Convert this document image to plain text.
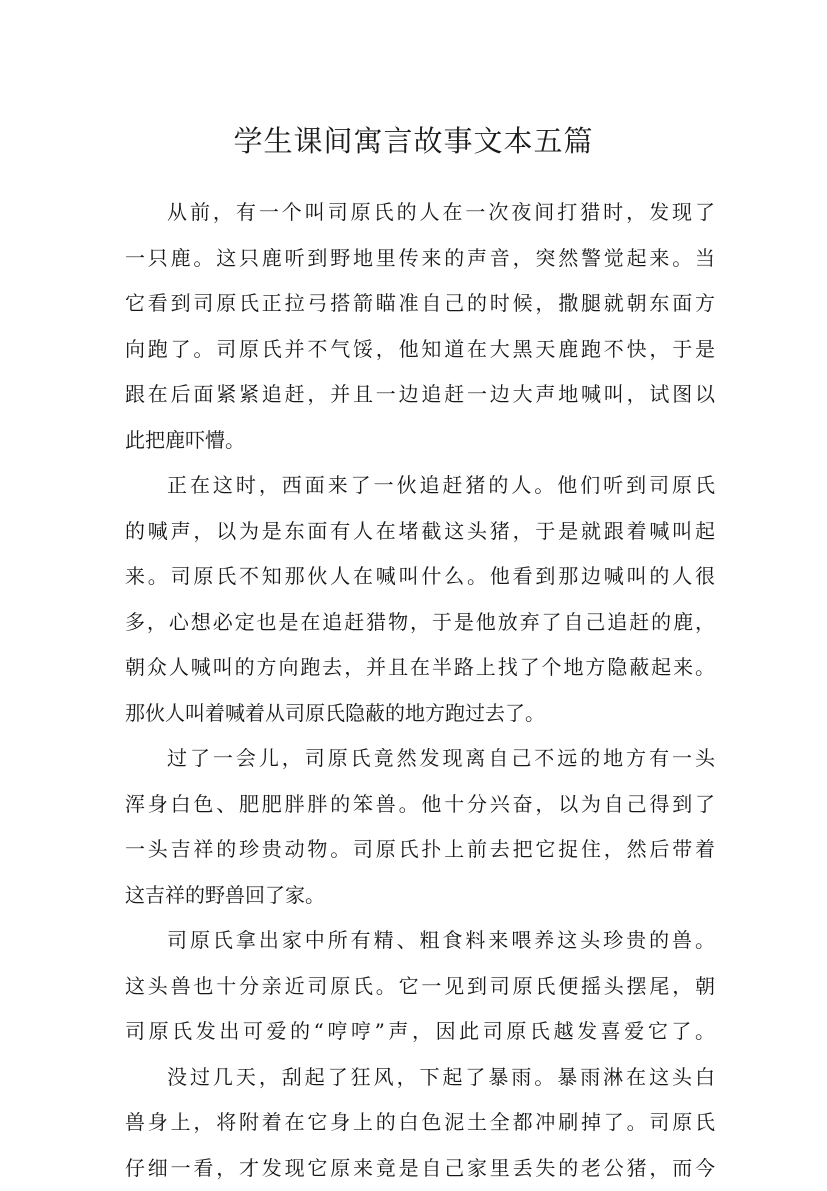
学生课间寓言故事文本五篇
从前，有一个叫司原氏的人在一次夜间打猎时，发现了
一只鹿。这只鹿听到野地里传来的声音，突然警觉起来。当
它看到司原氏正拉弓搭箭瞄准自己的时候，撒腿就朝东面方
向跑了。司原氏并不气馁，他知道在大黑天鹿跑不快，于是
跟在后面紧紧追赶，并且一边追赶一边大声地喊叫，试图以
此把鹿吓懵。
正在这时，西面来了一伙追赶猪的人。他们听到司原氏
的喊声，以为是东面有人在堵截这头猪，于是就跟着喊叫起
来。司原氏不知那伙人在喊叫什么。他看到那边喊叫的人很
多，心想必定也是在追赶猎物，于是他放弃了自己追赶的鹿，
朝众人喊叫的方向跑去，并且在半路上找了个地方隐蔽起来。
那伙人叫着喊着从司原氏隐蔽的地方跑过去了。
过了一会儿，司原氏竟然发现离自己不远的地方有一头
浑身白色、肥肥胖胖的笨兽。他十分兴奋，以为自己得到了
一头吉祥的珍贵动物。司原氏扑上前去把它捉住，然后带着
这吉祥的野兽回了家。
司原氏拿出家中所有精、粗食料来喂养这头珍贵的兽。
这头兽也十分亲近司原氏。它一见到司原氏便摇头摆尾，朝
司原氏发出可爱的“哼哼”声，因此司原氏越发喜爱它了。
没过几天，刮起了狂风，下起了暴雨。暴雨淋在这头白
兽身上，将附着在它身上的白色泥土全都冲刷掉了。司原氏
仔细一看，才发现它原来竟是自己家里丢失的老公猪，而今
